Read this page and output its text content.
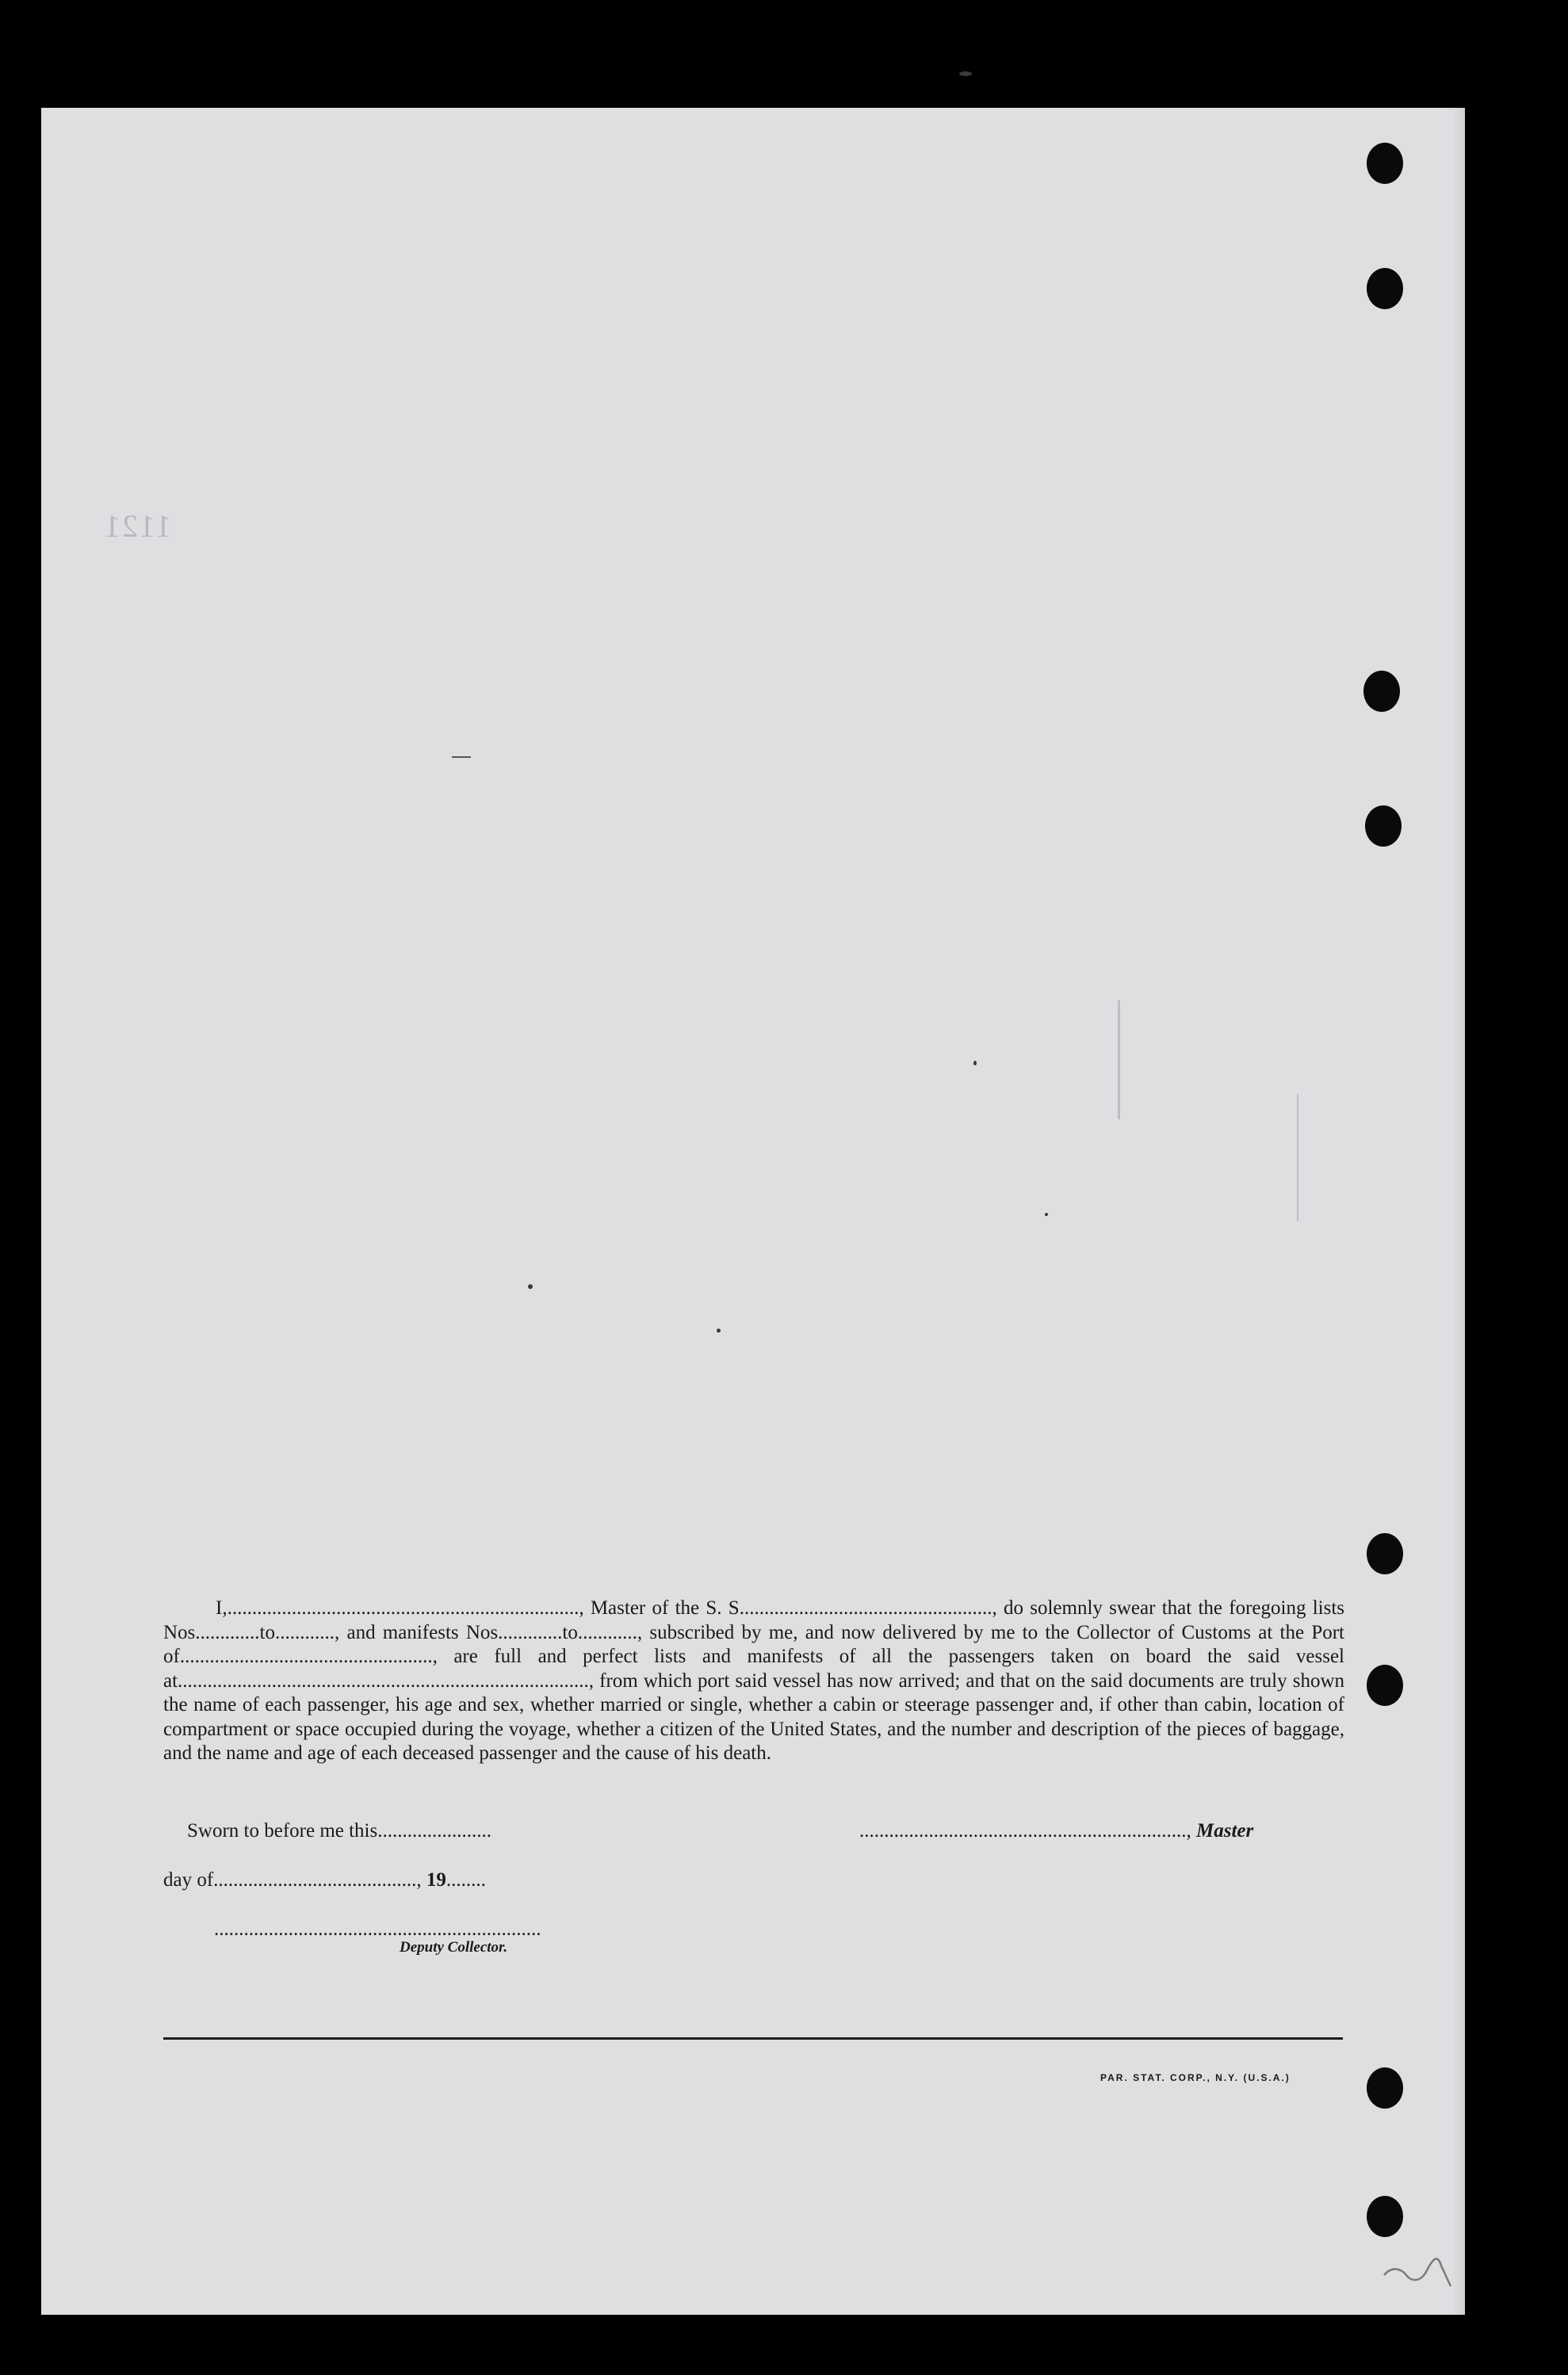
1121

I,......................................................................., Master of the S. S..................................................., do solemnly swear that the foregoing lists Nos.............to............, and manifests Nos.............to............, subscribed by me, and now delivered by me to the Collector of Customs at the Port of..................................................., are full and perfect lists and manifests of all the passengers taken on board the said vessel at..................................................................................., from which port said vessel has now arrived; and that on the said documents are truly shown the name of each passenger, his age and sex, whether married or single, whether a cabin or steerage passenger and, if other than cabin, location of compartment or space occupied during the voyage, whether a citizen of the United States, and the number and description of the pieces of baggage, and the name and age of each deceased passenger and the cause of his death.

Sworn to before me this.......................	.................................................................., Master
day of........................................., 19........
..................................................................
Deputy Collector.
PAR. STAT. CORP., N.Y. (U.S.A.)
